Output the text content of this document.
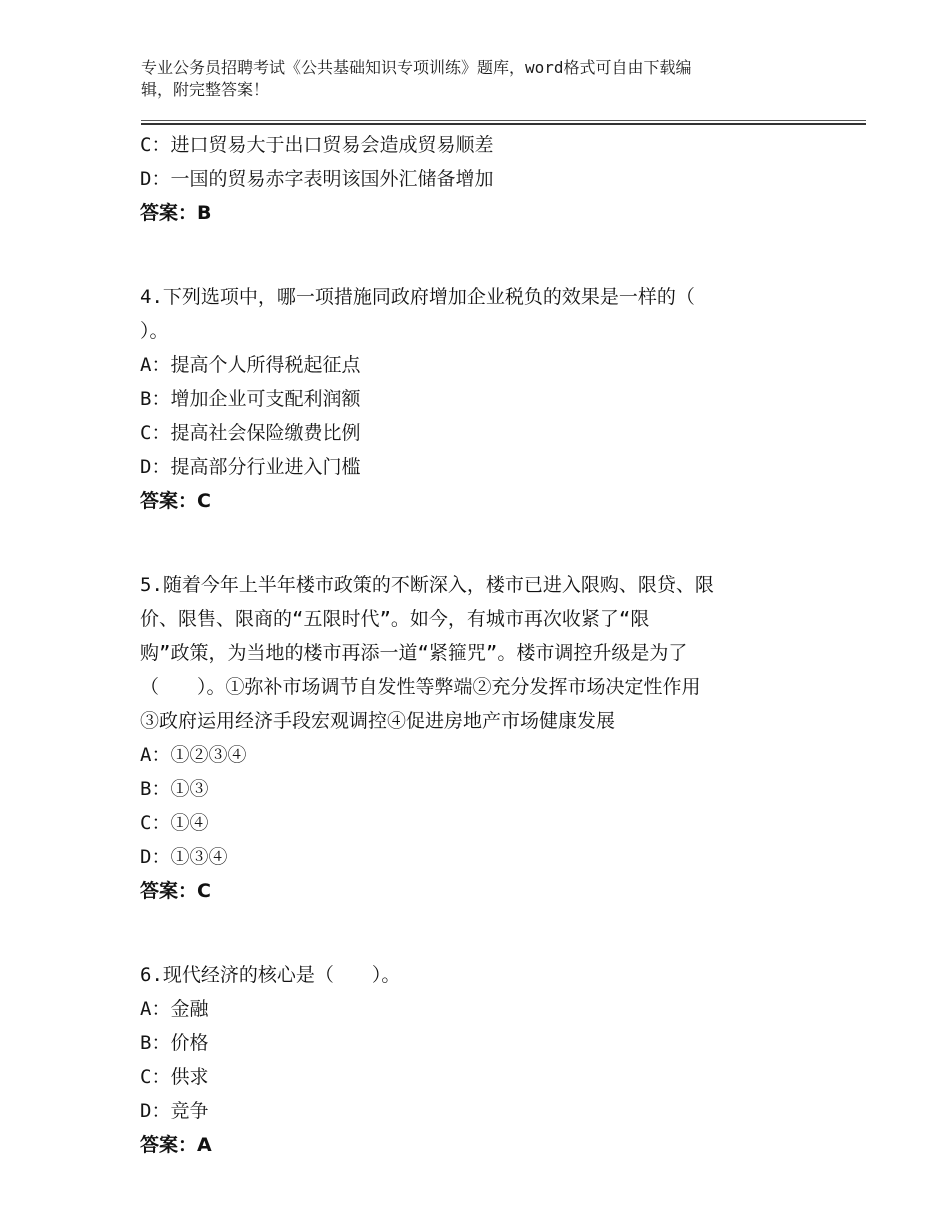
专业公务员招聘考试《公共基础知识专项训练》题库，word格式可自由下载编
辑，附完整答案！
C：进口贸易大于出口贸易会造成贸易顺差
D：一国的贸易赤字表明该国外汇储备增加
答案：B
4.下列选项中，哪一项措施同政府增加企业税负的效果是一样的（
）。
A：提高个人所得税起征点
B：增加企业可支配利润额
C：提高社会保险缴费比例
D：提高部分行业进入门槛
答案：C
5.随着今年上半年楼市政策的不断深入，楼市已进入限购、限贷、限
价、限售、限商的“五限时代”。如今，有城市再次收紧了“限
购”政策，为当地的楼市再添一道“紧箍咒”。楼市调控升级是为了
（　　）。①弥补市场调节自发性等弊端②充分发挥市场决定性作用
③政府运用经济手段宏观调控④促进房地产市场健康发展
A：①②③④
B：①③
C：①④
D：①③④
答案：C
6.现代经济的核心是（　　）。
A：金融
B：价格
C：供求
D：竞争
答案：A
